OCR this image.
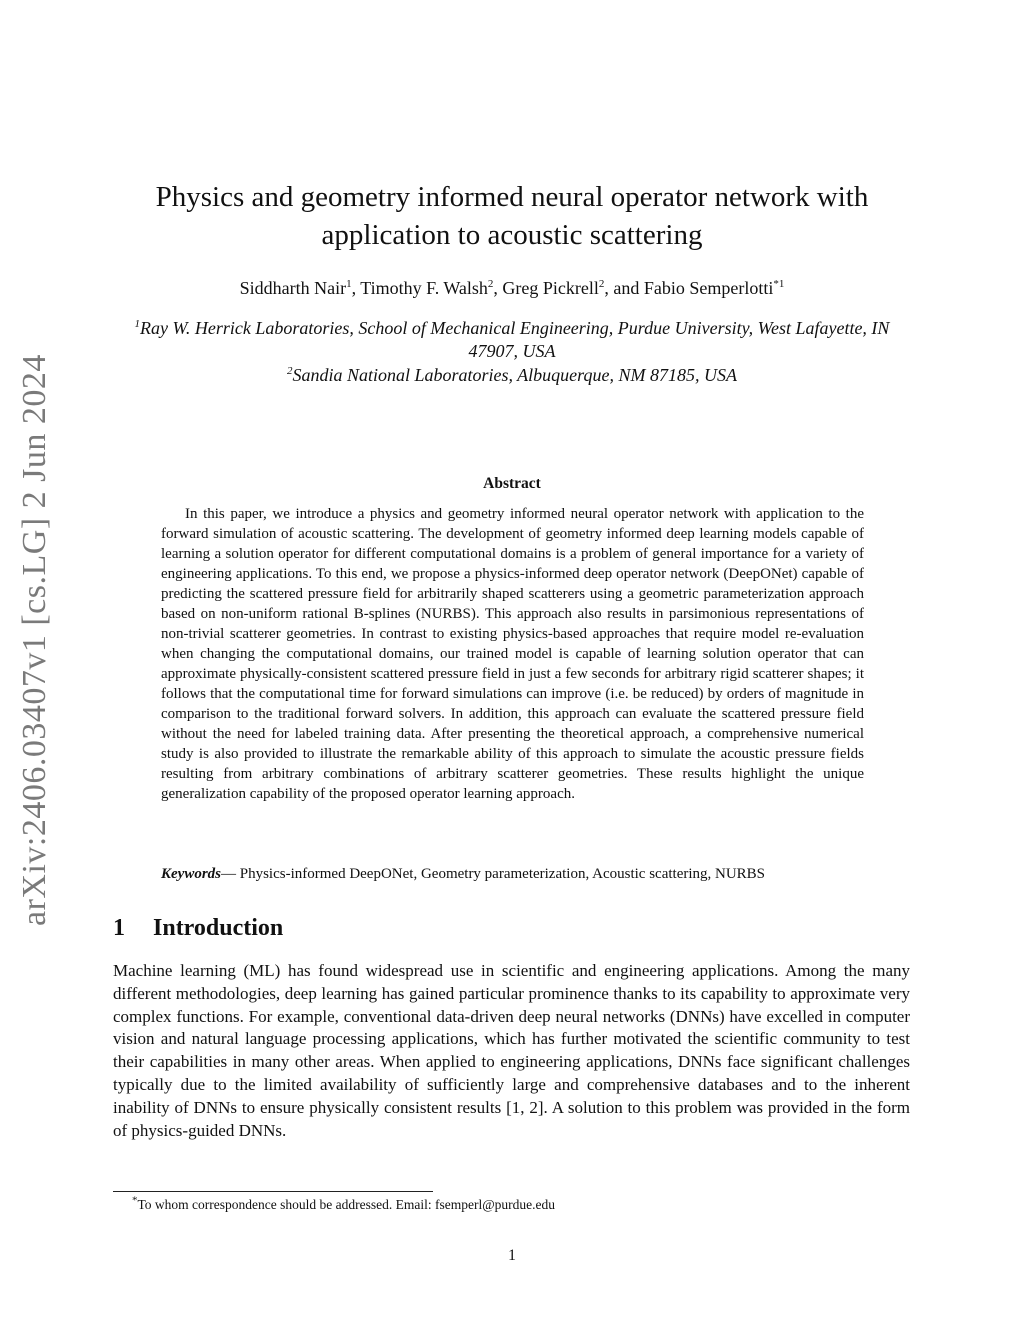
arXiv:2406.03407v1 [cs.LG] 2 Jun 2024
Physics and geometry informed neural operator network with application to acoustic scattering
Siddharth Nair$^1$, Timothy F. Walsh$^2$, Greg Pickrell$^2$, and Fabio Semperlotti$^{*1}$
$^1$Ray W. Herrick Laboratories, School of Mechanical Engineering, Purdue University, West Lafayette, IN 47907, USA
$^2$Sandia National Laboratories, Albuquerque, NM 87185, USA
Abstract

In this paper, we introduce a physics and geometry informed neural operator network with application to the forward simulation of acoustic scattering. The development of geometry informed deep learning models capable of learning a solution operator for different computational domains is a problem of general importance for a variety of engineering applications. To this end, we propose a physics-informed deep operator network (DeepONet) capable of predicting the scattered pressure field for arbitrarily shaped scatterers using a geometric parameterization approach based on non-uniform rational B-splines (NURBS). This approach also results in parsimonious representations of non-trivial scatterer geometries. In contrast to existing physics-based approaches that require model re-evaluation when changing the computational domains, our trained model is capable of learning solution operator that can approximate physically-consistent scattered pressure field in just a few seconds for arbitrary rigid scatterer shapes; it follows that the computational time for forward simulations can improve (i.e. be reduced) by orders of magnitude in comparison to the traditional forward solvers. In addition, this approach can evaluate the scattered pressure field without the need for labeled training data. After presenting the theoretical approach, a comprehensive numerical study is also provided to illustrate the remarkable ability of this approach to simulate the acoustic pressure fields resulting from arbitrary combinations of arbitrary scatterer geometries. These results highlight the unique generalization capability of the proposed operator learning approach.

Keywords— Physics-informed DeepONet, Geometry parameterization, Acoustic scattering, NURBS
1 Introduction

Machine learning (ML) has found widespread use in scientific and engineering applications. Among the many different methodologies, deep learning has gained particular prominence thanks to its capability to approximate very complex functions. For example, conventional data-driven deep neural networks (DNNs) have excelled in computer vision and natural language processing applications, which has further motivated the scientific community to test their capabilities in many other areas. When applied to engineering applications, DNNs face significant challenges typically due to the limited availability of sufficiently large and comprehensive databases and to the inherent inability of DNNs to ensure physically consistent results [1, 2]. A solution to this problem was provided in the form of physics-guided DNNs.

*To whom correspondence should be addressed. Email: fsemperl@purdue.edu
1
